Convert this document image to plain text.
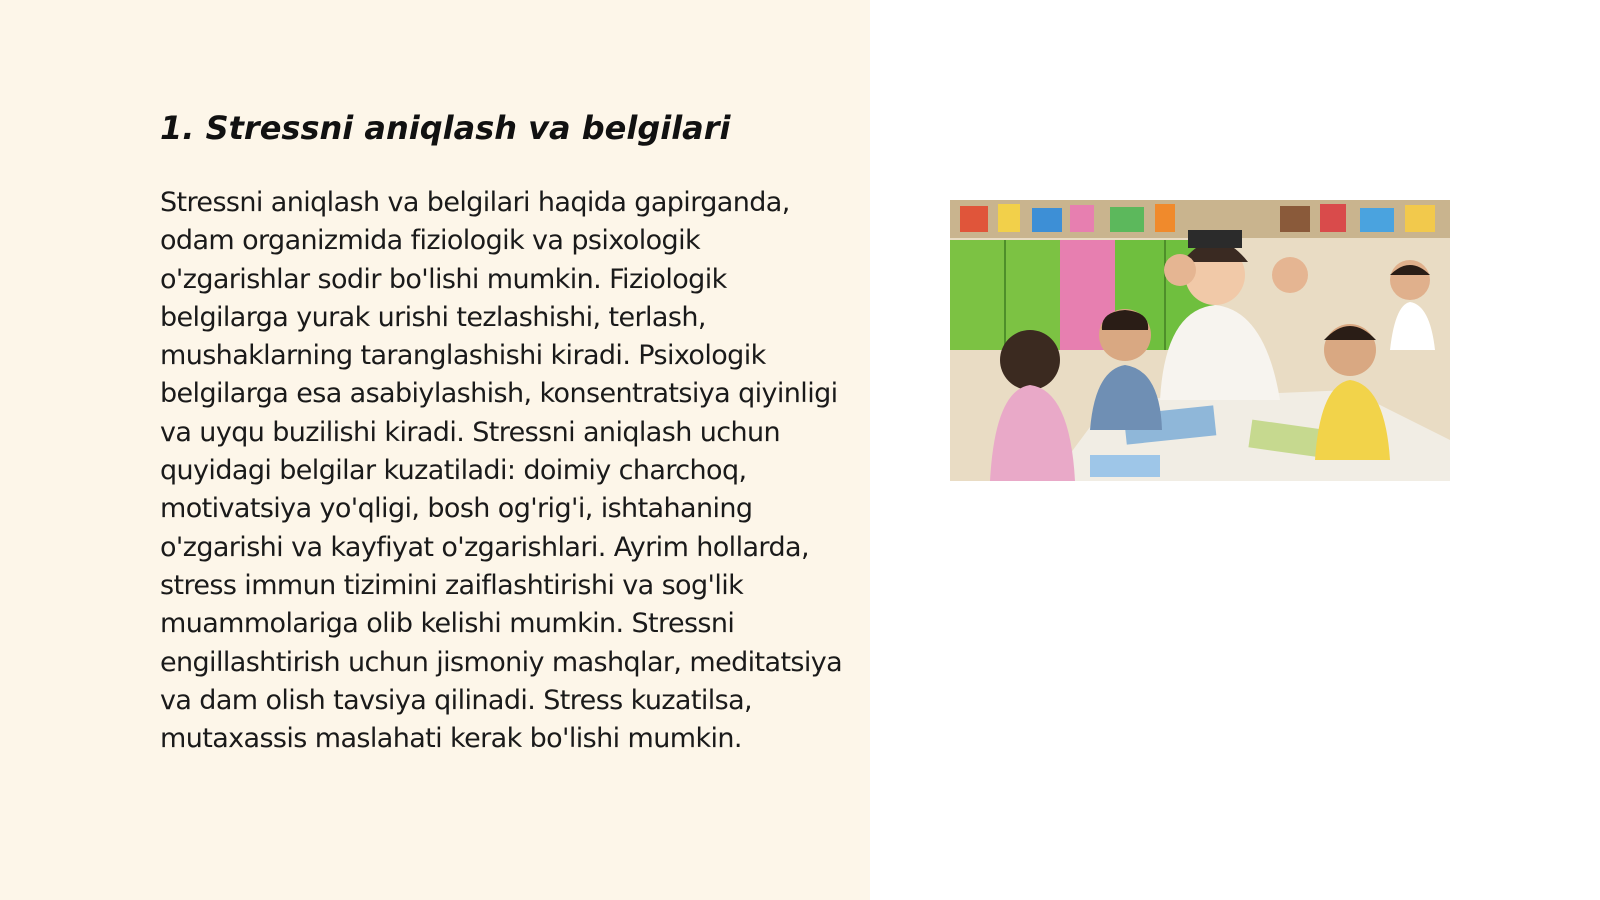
1. Stressni aniqlash va belgilari

Stressni aniqlash va belgilari haqida gapirganda, odam organizmida fiziologik va psixologik o'zgarishlar sodir bo'lishi mumkin. Fiziologik belgilarga yurak urishi tezlashishi, terlash, mushaklarning taranglashishi kiradi. Psixologik belgilarga esa asabiylashish, konsentratsiya qiyinligi va uyqu buzilishi kiradi. Stressni aniqlash uchun quyidagi belgilar kuzatiladi: doimiy charchoq, motivatsiya yo'qligi, bosh og'rig'i, ishtahaning o'zgarishi va kayfiyat o'zgarishlari. Ayrim hollarda, stress immun tizimini zaiflashtirishi va sog'lik muammolariga olib kelishi mumkin. Stressni engillashtirish uchun jismoniy mashqlar, meditatsiya va dam olish tavsiya qilinadi. Stress kuzatilsa, mutaxassis maslahati kerak bo'lishi mumkin.
